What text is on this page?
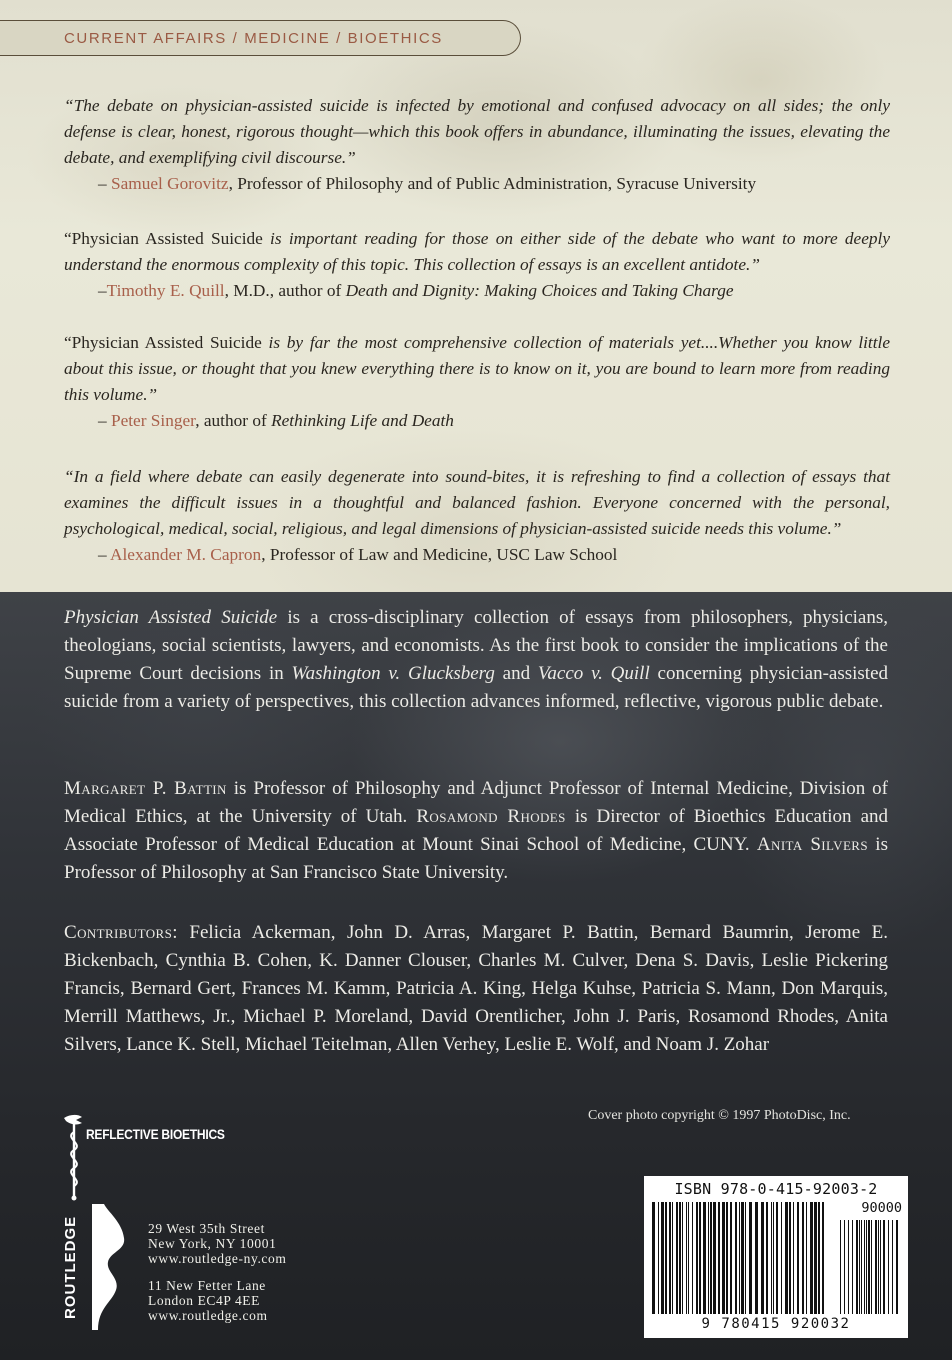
CURRENT AFFAIRS / MEDICINE / BIOETHICS

“The debate on physician-assisted suicide is infected by emotional and confused advocacy on all sides; the only defense is clear, honest, rigorous thought—which this book offers in abundance, illuminating the issues, elevating the debate, and exemplifying civil discourse.”

– Samuel Gorovitz, Professor of Philosophy and of Public Administration, Syracuse University

“Physician Assisted Suicide is important reading for those on either side of the debate who want to more deeply understand the enormous complexity of this topic. This collection of essays is an excellent antidote.”

–Timothy E. Quill, M.D., author of Death and Dignity: Making Choices and Taking Charge

“Physician Assisted Suicide is by far the most comprehensive collection of materials yet....Whether you know little about this issue, or thought that you knew everything there is to know on it, you are bound to learn more from reading this volume.”

– Peter Singer, author of Rethinking Life and Death

“In a field where debate can easily degenerate into sound-bites, it is refreshing to find a collection of essays that examines the difficult issues in a thoughtful and balanced fashion. Everyone concerned with the personal, psychological, medical, social, religious, and legal dimensions of physician-assisted suicide needs this volume.”

– Alexander M. Capron, Professor of Law and Medicine, USC Law School

Physician Assisted Suicide is a cross-disciplinary collection of essays from philosophers, physicians, theologians, social scientists, lawyers, and economists. As the first book to consider the implications of the Supreme Court decisions in Washington v. Glucksberg and Vacco v. Quill concerning physician-assisted suicide from a variety of perspectives, this collection advances informed, reflective, vigorous public debate.

Margaret P. Battin is Professor of Philosophy and Adjunct Professor of Internal Medicine, Division of Medical Ethics, at the University of Utah. Rosamond Rhodes is Director of Bioethics Education and Associate Professor of Medical Education at Mount Sinai School of Medicine, CUNY. Anita Silvers is Professor of Philosophy at San Francisco State University.

Contributors: Felicia Ackerman, John D. Arras, Margaret P. Battin, Bernard Baumrin, Jerome E. Bickenbach, Cynthia B. Cohen, K. Danner Clouser, Charles M. Culver, Dena S. Davis, Leslie Pickering Francis, Bernard Gert, Frances M. Kamm, Patricia A. King, Helga Kuhse, Patricia S. Mann, Don Marquis, Merrill Matthews, Jr., Michael P. Moreland, David Orentlicher, John J. Paris, Rosamond Rhodes, Anita Silvers, Lance K. Stell, Michael Teitelman, Allen Verhey, Leslie E. Wolf, and Noam J. Zohar

Cover photo copyright © 1997 PhotoDisc, Inc.
REFLECTIVE BIOETHICS
ROUTLEDGE	29 West 35th Street
New York, NY 10001
www.routledge-ny.com
11 New Fetter Lane
London EC4P 4EE
www.routledge.com
ISBN 978-0-415-92003-2
90000
9 780415 920032
